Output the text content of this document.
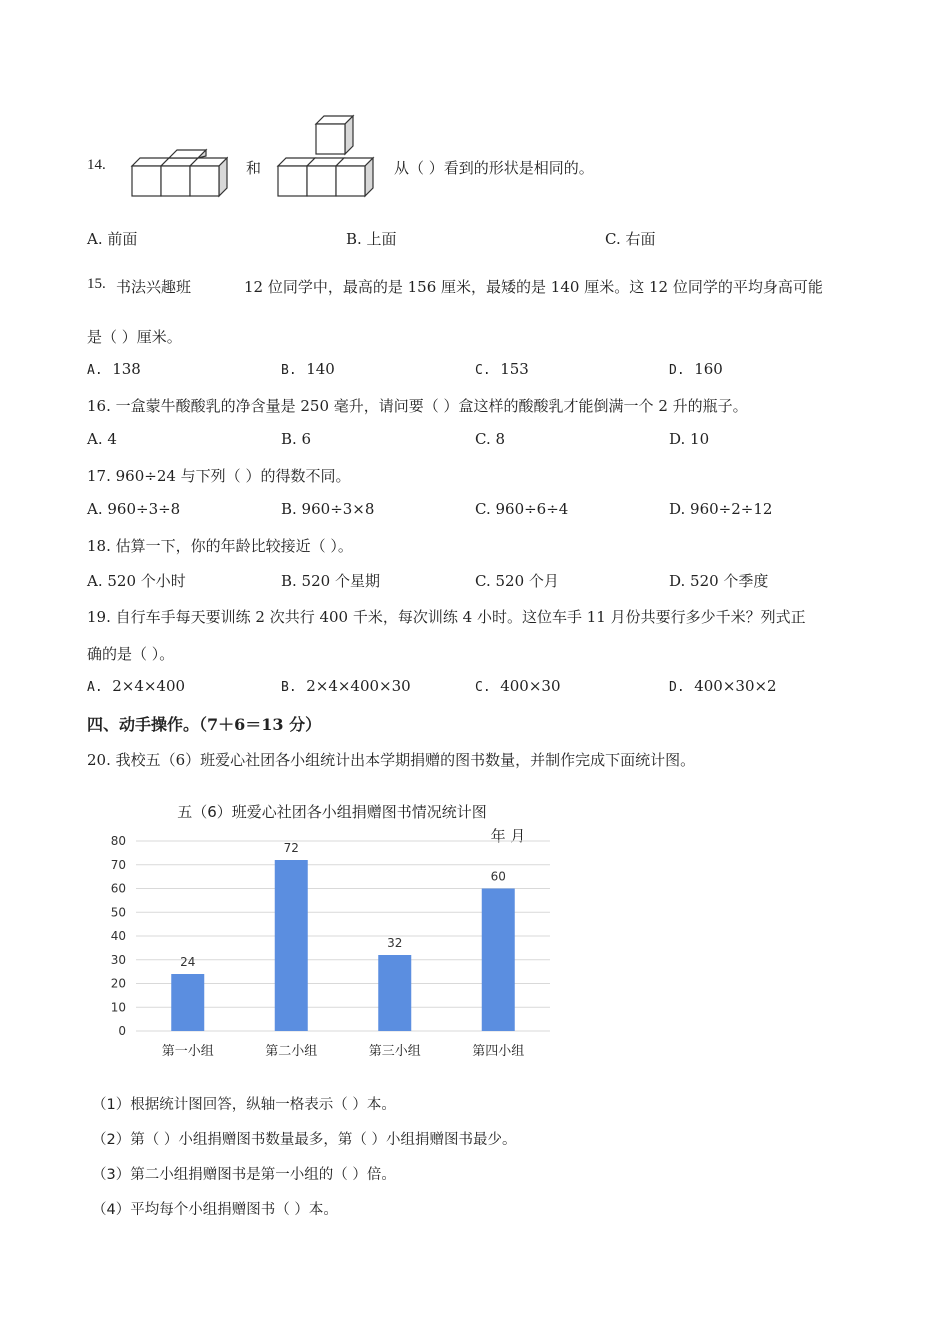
14.	和	从（ ）看到的形状是相同的。
A. 前面	B. 上面	C. 右面
15. 书法兴趣班	12 位同学中，最高的是 156 厘米，最矮的是 140 厘米。这 12 位同学的平均身高可能
是（ ）厘米。
A. 138	B. 140	C. 153	D. 160
16. 一盒蒙牛酸酸乳的净含量是 250 毫升，请问要（ ）盒这样的酸酸乳才能倒满一个 2 升的瓶子。
A. 4	B. 6	C. 8	D. 10
17. 960÷24 与下列（ ）的得数不同。
A. 960÷3÷8	B. 960÷3×8	C. 960÷6÷4	D. 960÷2÷12
18. 估算一下，你的年龄比较接近（ ）。
A. 520 个小时	B. 520 个星期	C. 520 个月	D. 520 个季度
19. 自行车手每天要训练 2 次共行 400 千米，每次训练 4 小时。这位车手 11 月份共要行多少千米？列式正
确的是（ ）。
A. 2×4×400	B. 2×4×400×30	C. 400×30	D. 400×30×2
四、动手操作。（7＋6＝13 分）
20. 我校五（6）班爱心社团各小组统计出本学期捐赠的图书数量，并制作完成下面统计图。
五（6）班爱心社团各小组捐赠图书情况统计图
年 月
0
10
20
30
40
50
60
70
80
24
72
32
60
第一小组	第二小组	第三小组	第四小组
（1）根据统计图回答，纵轴一格表示（ ）本。
（2）第（ ）小组捐赠图书数量最多，第（ ）小组捐赠图书最少。
（3）第二小组捐赠图书是第一小组的（ ）倍。
（4）平均每个小组捐赠图书（ ）本。
